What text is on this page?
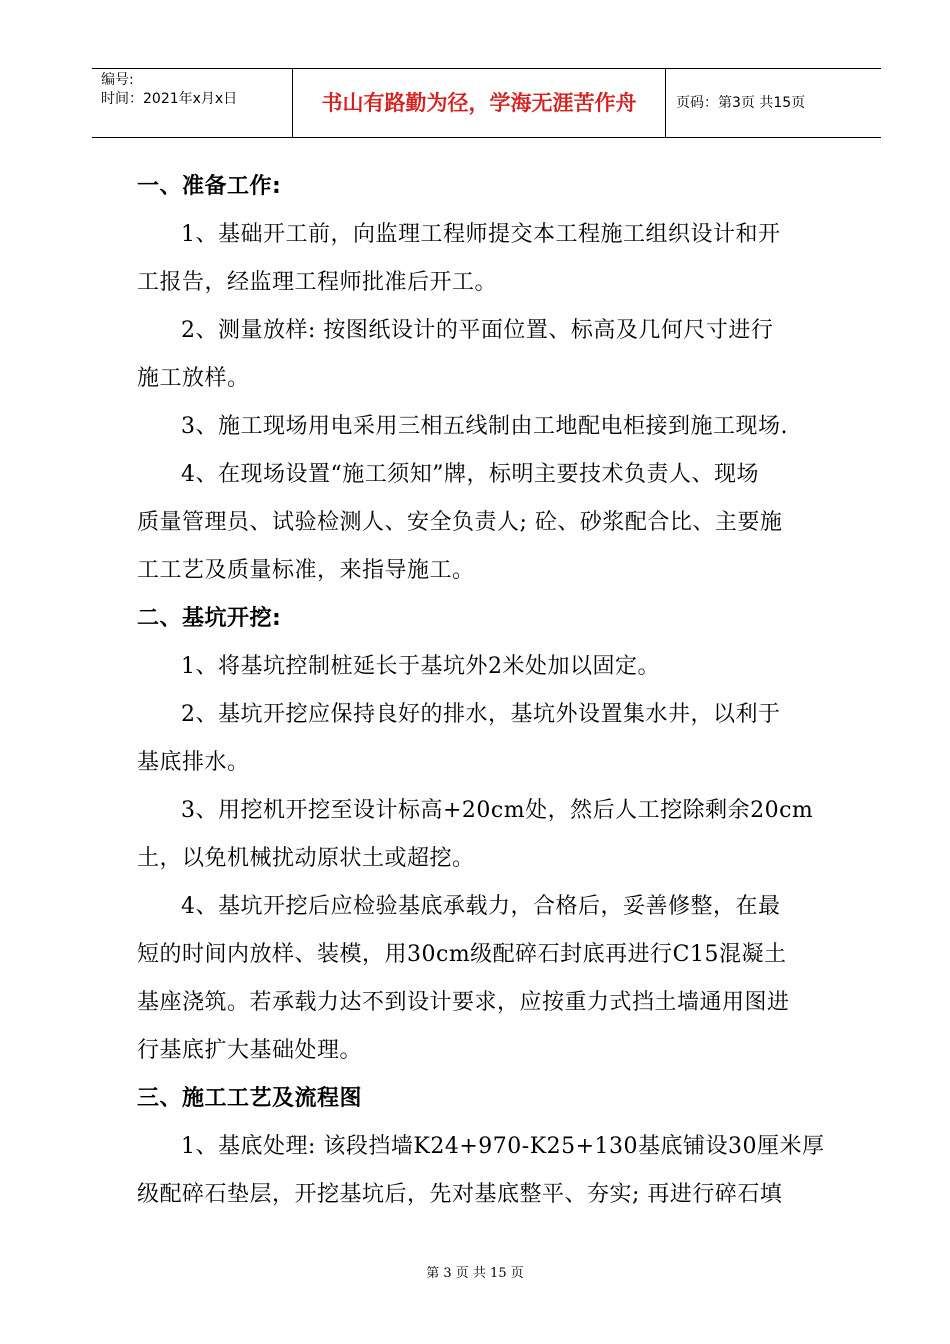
编号:
时间：2021年x月x日	书山有路勤为径，学海无涯苦作舟	页码：第3页 共15页
一、准备工作:
1、基础开工前，向监理工程师提交本工程施工组织设计和开
工报告，经监理工程师批准后开工。
2、测量放样: 按图纸设计的平面位置、标高及几何尺寸进行
施工放样。
3、施工现场用电采用三相五线制由工地配电柜接到施工现场.
4、在现场设置“施工须知”牌，标明主要技术负责人、现场
质量管理员、试验检测人、安全负责人; 砼、砂浆配合比、主要施
工工艺及质量标准，来指导施工。
二、基坑开挖:
1、将基坑控制桩延长于基坑外2米处加以固定。
2、基坑开挖应保持良好的排水，基坑外设置集水井，以利于
基底排水。
3、用挖机开挖至设计标高+20cm处，然后人工挖除剩余20cm
土，以免机械扰动原状土或超挖。
4、基坑开挖后应检验基底承载力，合格后，妥善修整，在最
短的时间内放样、装模，用30cm级配碎石封底再进行C15混凝土
基座浇筑。若承载力达不到设计要求，应按重力式挡土墙通用图进
行基底扩大基础处理。
三、施工工艺及流程图
1、基底处理: 该段挡墙K24+970-K25+130基底铺设30厘米厚
级配碎石垫层，开挖基坑后，先对基底整平、夯实; 再进行碎石填
第 3 页 共 15 页
